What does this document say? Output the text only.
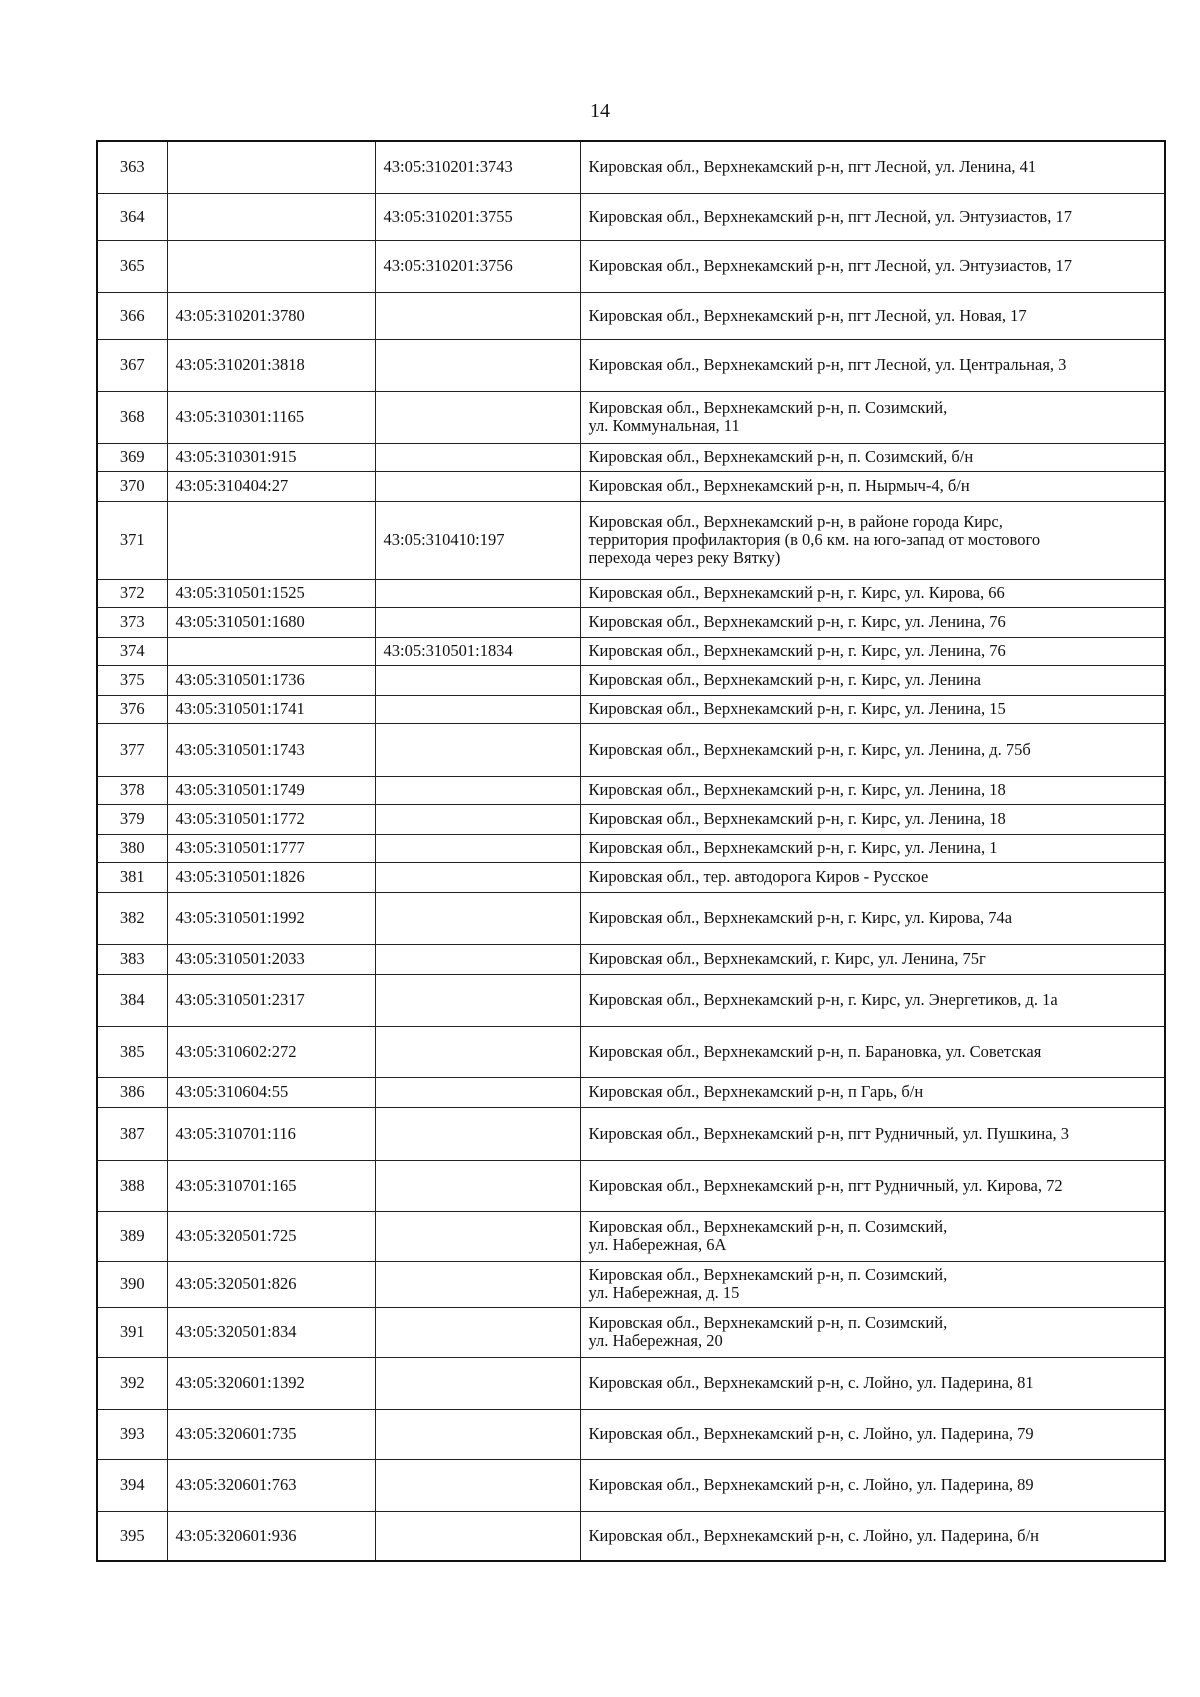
14
363		43:05:310201:3743	Кировская обл., Верхнекамский р-н, пгт Лесной, ул. Ленина, 41
364		43:05:310201:3755	Кировская обл., Верхнекамский р-н, пгт Лесной, ул. Энтузиастов, 17
365		43:05:310201:3756	Кировская обл., Верхнекамский р-н, пгт Лесной, ул. Энтузиастов, 17
366	43:05:310201:3780		Кировская обл., Верхнекамский р-н, пгт Лесной, ул. Новая, 17
367	43:05:310201:3818		Кировская обл., Верхнекамский р-н, пгт Лесной, ул. Центральная, 3
368	43:05:310301:1165		Кировская обл., Верхнекамский р-н, п. Созимский,
ул. Коммунальная, 11
369	43:05:310301:915		Кировская обл., Верхнекамский р-н, п. Созимский, б/н
370	43:05:310404:27		Кировская обл., Верхнекамский р-н, п. Нырмыч-4, б/н
371		43:05:310410:197	Кировская обл., Верхнекамский р-н, в районе города Кирс,
территория профилактория (в 0,6 км. на юго-запад от мостового
перехода через реку Вятку)
372	43:05:310501:1525		Кировская обл., Верхнекамский р-н, г. Кирс, ул. Кирова, 66
373	43:05:310501:1680		Кировская обл., Верхнекамский р-н, г. Кирс, ул. Ленина, 76
374		43:05:310501:1834	Кировская обл., Верхнекамский р-н, г. Кирс, ул. Ленина, 76
375	43:05:310501:1736		Кировская обл., Верхнекамский р-н, г. Кирс, ул. Ленина
376	43:05:310501:1741		Кировская обл., Верхнекамский р-н, г. Кирс, ул. Ленина, 15
377	43:05:310501:1743		Кировская обл., Верхнекамский р-н, г. Кирс, ул. Ленина, д. 75б
378	43:05:310501:1749		Кировская обл., Верхнекамский р-н, г. Кирс, ул. Ленина, 18
379	43:05:310501:1772		Кировская обл., Верхнекамский р-н, г. Кирс, ул. Ленина, 18
380	43:05:310501:1777		Кировская обл., Верхнекамский р-н, г. Кирс, ул. Ленина, 1
381	43:05:310501:1826		Кировская обл., тер. автодорога Киров - Русское
382	43:05:310501:1992		Кировская обл., Верхнекамский р-н, г. Кирс, ул. Кирова, 74а
383	43:05:310501:2033		Кировская обл., Верхнекамский, г. Кирс, ул. Ленина, 75г
384	43:05:310501:2317		Кировская обл., Верхнекамский р-н, г. Кирс, ул. Энергетиков, д. 1а
385	43:05:310602:272		Кировская обл., Верхнекамский р-н, п. Барановка, ул. Советская
386	43:05:310604:55		Кировская обл., Верхнекамский р-н, п Гарь, б/н
387	43:05:310701:116		Кировская обл., Верхнекамский р-н, пгт Рудничный, ул. Пушкина, 3
388	43:05:310701:165		Кировская обл., Верхнекамский р-н, пгт Рудничный, ул. Кирова, 72
389	43:05:320501:725		Кировская обл., Верхнекамский р-н, п. Созимский,
ул. Набережная, 6А
390	43:05:320501:826		Кировская обл., Верхнекамский р-н, п. Созимский,
ул. Набережная, д. 15
391	43:05:320501:834		Кировская обл., Верхнекамский р-н, п. Созимский,
ул. Набережная, 20
392	43:05:320601:1392		Кировская обл., Верхнекамский р-н, с. Лойно, ул. Падерина, 81
393	43:05:320601:735		Кировская обл., Верхнекамский р-н, с. Лойно, ул. Падерина, 79
394	43:05:320601:763		Кировская обл., Верхнекамский р-н, с. Лойно, ул. Падерина, 89
395	43:05:320601:936		Кировская обл., Верхнекамский р-н, с. Лойно, ул. Падерина, б/н
